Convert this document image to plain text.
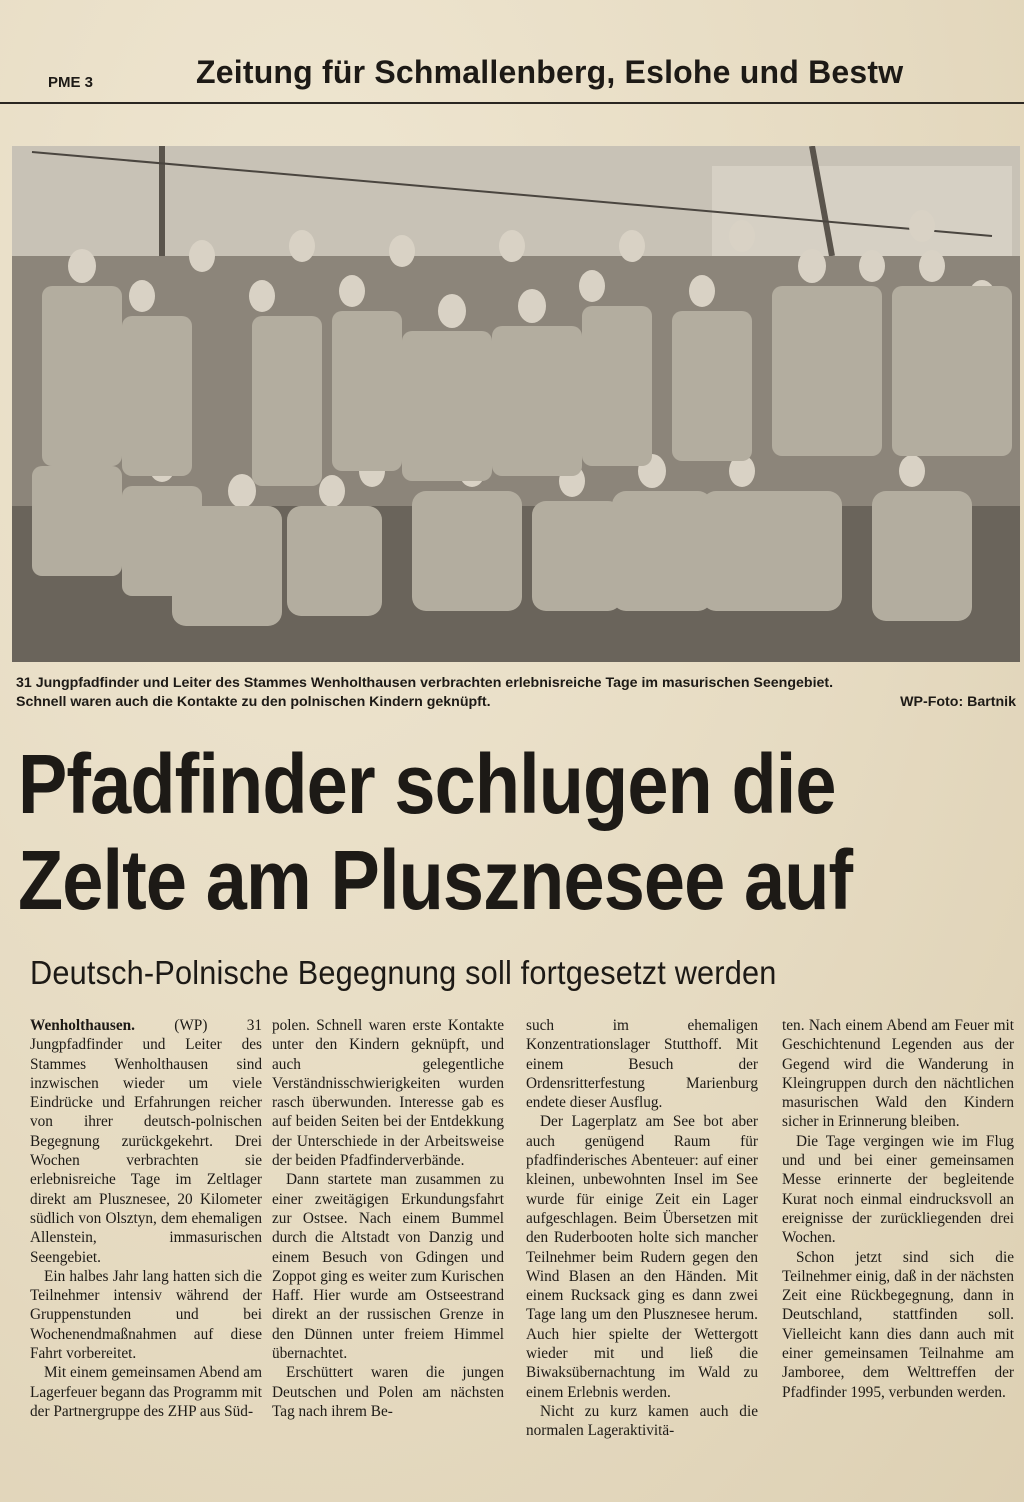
PME 3	Zeitung für Schmallenberg, Eslohe und Bestw
31 Jungpfadfinder und Leiter des Stammes Wenholthausen verbrachten erlebnisreiche Tage im masurischen Seengebiet.
Schnell waren auch die Kontakte zu den polnischen Kindern geknüpft.	WP-Foto: Bartnik
Pfadfinder schlugen die
Zelte am Plusznesee auf
Deutsch-Polnische Begegnung soll fortgesetzt werden

Wenholthausen. (WP) 31 Jungpfadfinder und Leiter des Stammes Wenholthausen sind inzwischen wieder um viele Eindrücke und Erfahrungen reicher von ihrer deutsch-polnischen Begegnung zurückgekehrt. Drei Wochen verbrachten sie erlebnisreiche Tage im Zeltlager direkt am Plusznesee, 20 Kilometer südlich von Olsztyn, dem ehemaligen Allenstein, immasurischen Seengebiet.

Ein halbes Jahr lang hatten sich die Teilnehmer intensiv während der Gruppenstunden und bei Wochenendmaßnahmen auf diese Fahrt vorbereitet.

Mit einem gemeinsamen Abend am Lagerfeuer begann das Programm mit der Partnergruppe des ZHP aus Süd-

polen. Schnell waren erste Kontakte unter den Kindern geknüpft, und auch gelegentliche Verständnisschwierigkeiten wurden rasch überwunden. Interesse gab es auf beiden Seiten bei der Entdekkung der Unterschiede in der Arbeitsweise der beiden Pfadfinderverbände.

Dann startete man zusammen zu einer zweitägigen Erkundungsfahrt zur Ostsee. Nach einem Bummel durch die Altstadt von Danzig und einem Besuch von Gdingen und Zoppot ging es weiter zum Kurischen Haff. Hier wurde am Ostseestrand direkt an der russischen Grenze in den Dünnen unter freiem Himmel übernachtet.

Erschüttert waren die jungen Deutschen und Polen am nächsten Tag nach ihrem Be-

such im ehemaligen Konzentrationslager Stutthoff. Mit einem Besuch der Ordensritterfestung Marienburg endete dieser Ausflug.

Der Lagerplatz am See bot aber auch genügend Raum für pfadfinderisches Abenteuer: auf einer kleinen, unbewohnten Insel im See wurde für einige Zeit ein Lager aufgeschlagen. Beim Übersetzen mit den Ruderbooten holte sich mancher Teilnehmer beim Rudern gegen den Wind Blasen an den Händen. Mit einem Rucksack ging es dann zwei Tage lang um den Plusznesee herum. Auch hier spielte der Wettergott wieder mit und ließ die Biwaksübernachtung im Wald zu einem Erlebnis werden.

Nicht zu kurz kamen auch die normalen Lageraktivitä-

ten. Nach einem Abend am Feuer mit Geschichtenund Legenden aus der Gegend wird die Wanderung in Kleingruppen durch den nächtlichen masurischen Wald den Kindern sicher in Erinnerung bleiben.

Die Tage vergingen wie im Flug und und bei einer gemeinsamen Messe erinnerte der begleitende Kurat noch einmal eindrucksvoll an ereignisse der zurückliegenden drei Wochen.

Schon jetzt sind sich die Teilnehmer einig, daß in der nächsten Zeit eine Rückbegegnung, dann in Deutschland, stattfinden soll. Vielleicht kann dies dann auch mit einer gemeinsamen Teilnahme am Jamboree, dem Welttreffen der Pfadfinder 1995, verbunden werden.
